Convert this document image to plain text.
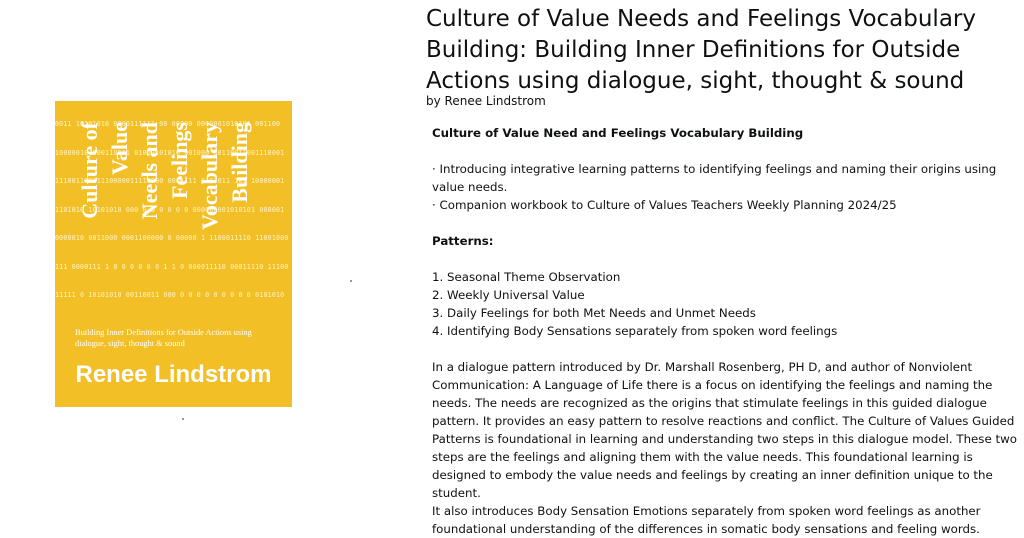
0011 10101010 0000111111 00 00000 0000001010101 001100

10000010 000110011 01010101010 001000 00110011001110001

11100110011110000011110000 0001111 1101011 101 10000001

1101010 10101010 000 0 0 0 0 0 0 000000001010101 000001

0000010 0011000 0001100000 0 00000 1 1100011110 11001000

111 0000111 1 0 0 0 0 0 0 1 1 0 000011110 00011110 11100

11111 0 10101010 00110011 000 0 0 0 0 0 0 0 0 0 0101010

Culture of Value Needs and Feelings Vocabulary Building
Building Inner Definitions for Outside Actions using dialogue, sight, thought & sound
Renee Lindstrom
Culture of Value Needs and Feelings Vocabulary Building: Building Inner Definitions for Outside Actions using dialogue, sight, thought & sound
by Renee Lindstrom

Culture of Value Need and Feelings Vocabulary Building

· Introducing integrative learning patterns to identifying feelings and naming their origins using value needs.

· Companion workbook to Culture of Values Teachers Weekly Planning 2024/25

Patterns:

1. Seasonal Theme Observation

2. Weekly Universal Value

3. Daily Feelings for both Met Needs and Unmet Needs

4. Identifying Body Sensations separately from spoken word feelings

In a dialogue pattern introduced by Dr. Marshall Rosenberg, PH D, and author of Nonviolent Communication: A Language of Life there is a focus on identifying the feelings and naming the needs. The needs are recognized as the origins that stimulate feelings in this guided dialogue pattern. It provides an easy pattern to resolve reactions and conflict. The Culture of Values Guided Patterns is foundational in learning and understanding two steps in this dialogue model. These two steps are the feelings and aligning them with the value needs. This foundational learning is designed to embody the value needs and feelings by creating an inner definition unique to the student.

It also introduces Body Sensation Emotions separately from spoken word feelings as another foundational understanding of the differences in somatic body sensations and feeling words.
